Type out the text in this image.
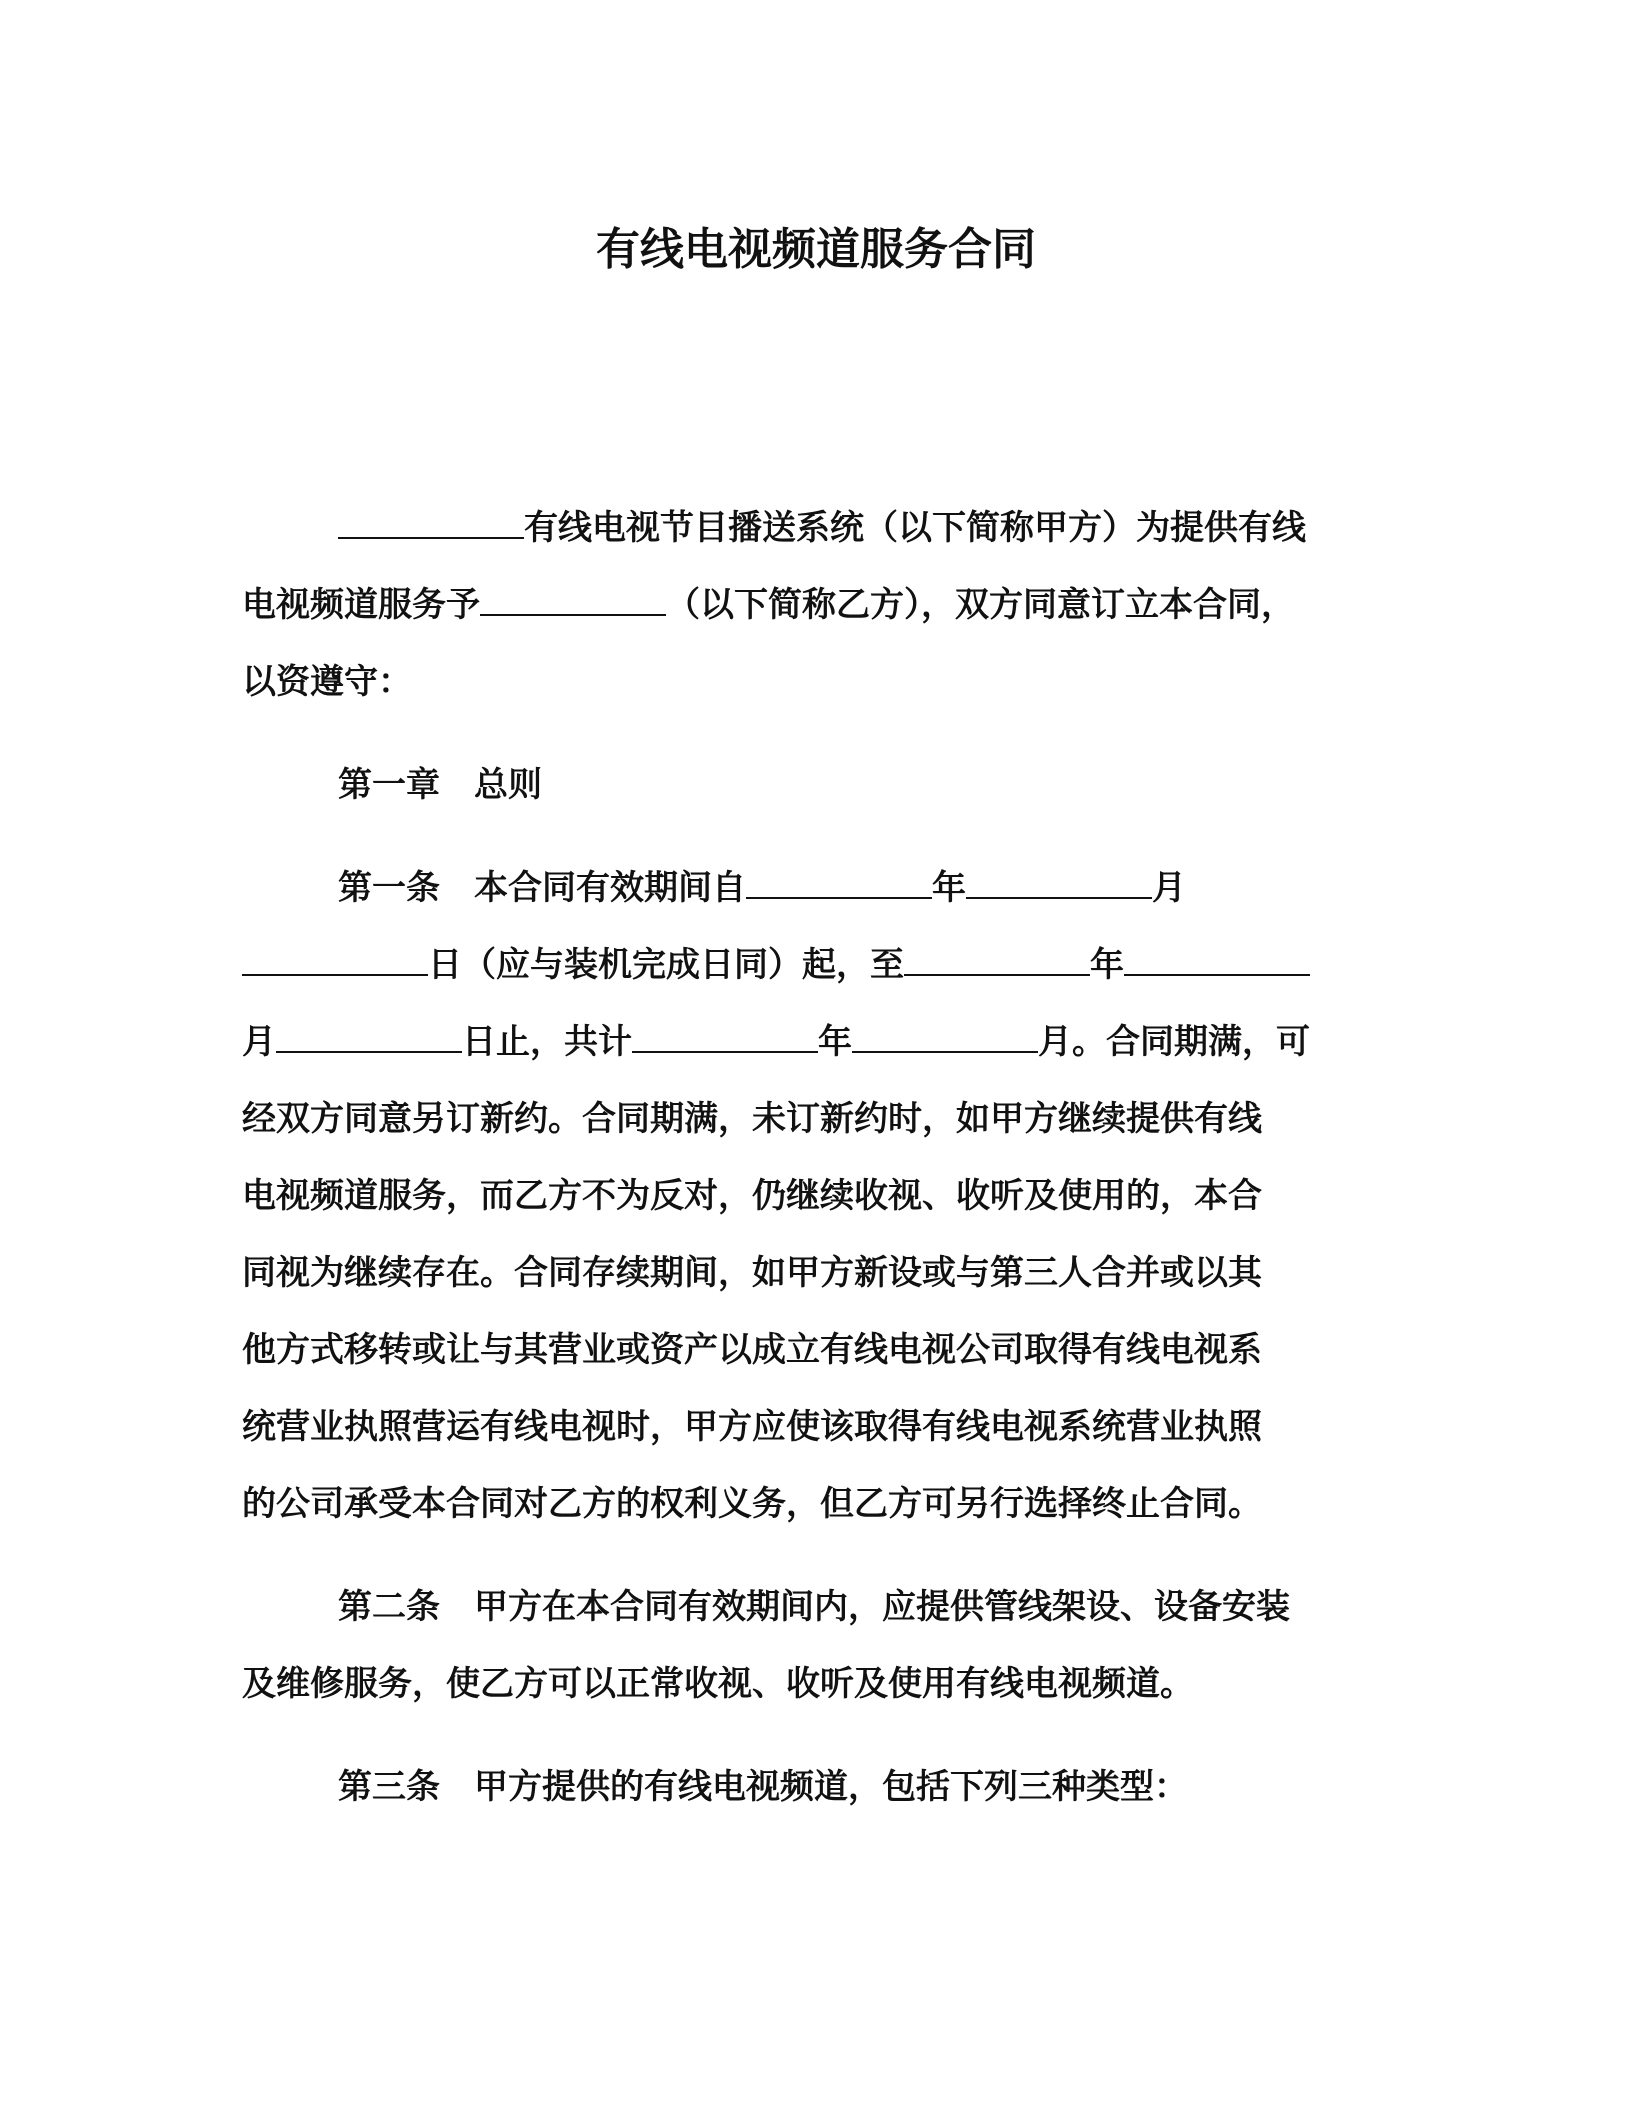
有线电视频道服务合同
有线电视节目播送系统（以下简称甲方）为提供有线
电视频道服务予	（以下简称乙方），双方同意订立本合同，
以资遵守：
第一章　总则
第一条　本合同有效期间自	年	月
日（应与装机完成日同）起，至	年
月	日止，共计	年	月。合同期满，可
经双方同意另订新约。合同期满，未订新约时，如甲方继续提供有线
电视频道服务，而乙方不为反对，仍继续收视、收听及使用的，本合
同视为继续存在。合同存续期间，如甲方新设或与第三人合并或以其
他方式移转或让与其营业或资产以成立有线电视公司取得有线电视系
统营业执照营运有线电视时，甲方应使该取得有线电视系统营业执照
的公司承受本合同对乙方的权利义务，但乙方可另行选择终止合同。
第二条　甲方在本合同有效期间内，应提供管线架设、设备安装
及维修服务，使乙方可以正常收视、收听及使用有线电视频道。
第三条　甲方提供的有线电视频道，包括下列三种类型：
